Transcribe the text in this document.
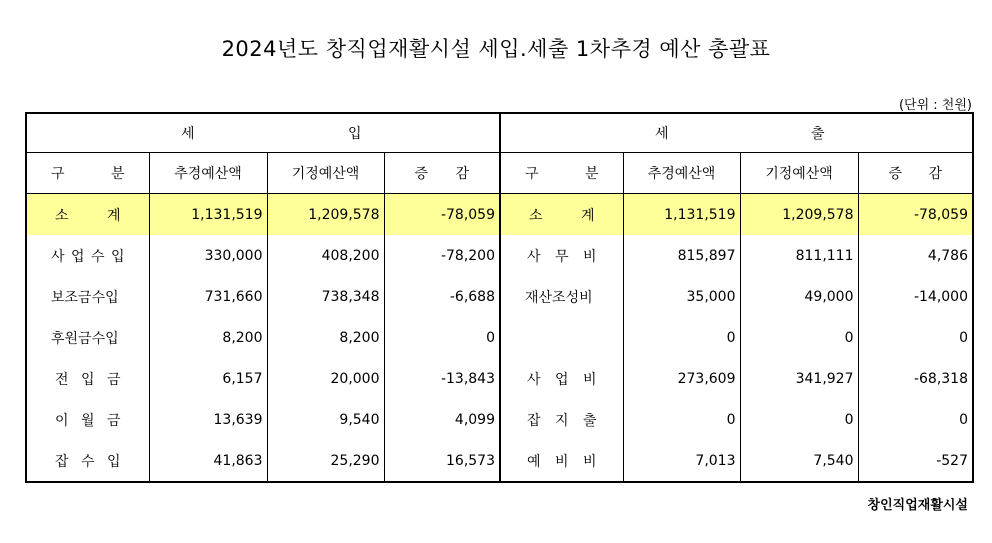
2024년도 창직업재활시설 세입.세출 1차추경 예산 총괄표
(단위 : 천원)
세 입				세 출			

구 분	추경예산액	기정예산액	증 감	구 분	추경예산액	기정예산액	증 감

소 계	1,131,519	1,209,578	-78,059	소 계	1,131,519	1,209,578	-78,059

사 업 수 입	330,000	408,200	-78,200	사 무 비	815,897	811,111	4,786
보조금수입	731,660	738,348	-6,688	재산조성비	35,000	49,000	-14,000
후원금수입	8,200	8,200	0		0	0	0

전 입 금	6,157	20,000	-13,843	사 업 비	273,609	341,927	-68,318

이 월 금	13,639	9,540	4,099	잡 지 출	0	0	0

잡 수 입	41,863	25,290	16,573	예 비 비	7,013	7,540	-527
창인직업재활시설
